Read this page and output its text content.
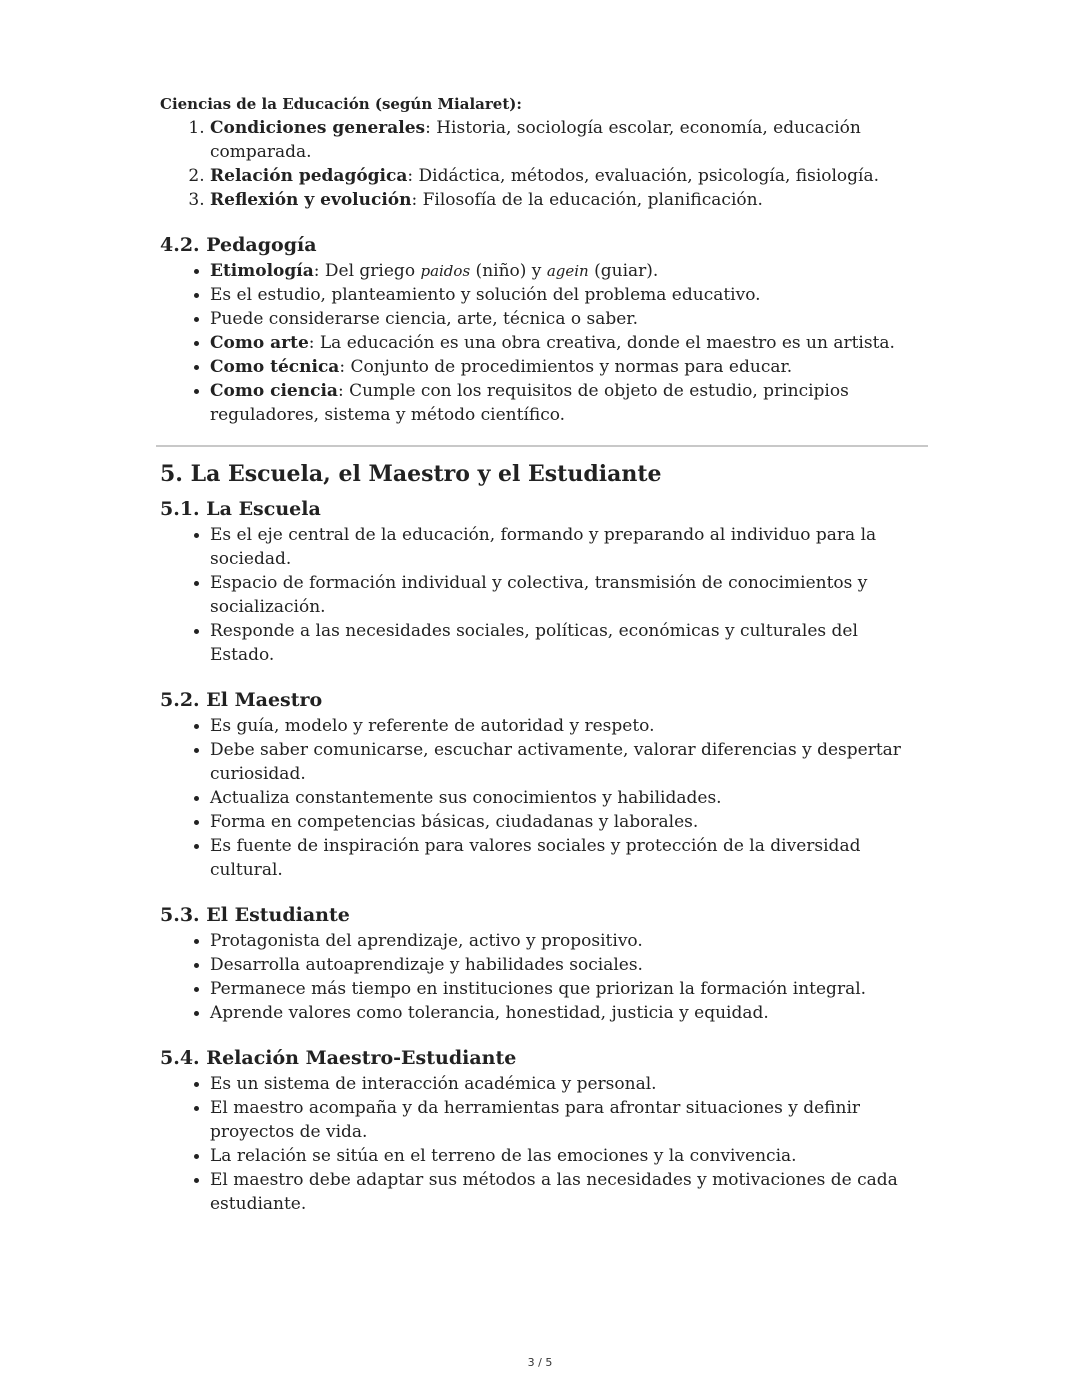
Ciencias de la Educación (según Mialaret):

1. Condiciones generales: Historia, sociología escolar, economía, educación comparada.
2. Relación pedagógica: Didáctica, métodos, evaluación, psicología, fisiología.
3. Reflexión y evolución: Filosofía de la educación, planificación.
4.2. Pedagogía
• Etimología: Del griego paidos (niño) y agein (guiar).
• Es el estudio, planteamiento y solución del problema educativo.
• Puede considerarse ciencia, arte, técnica o saber.
• Como arte: La educación es una obra creativa, donde el maestro es un artista.
• Como técnica: Conjunto de procedimientos y normas para educar.
• Como ciencia: Cumple con los requisitos de objeto de estudio, principios reguladores, sistema y método científico.
5. La Escuela, el Maestro y el Estudiante
5.1. La Escuela
• Es el eje central de la educación, formando y preparando al individuo para la sociedad.
• Espacio de formación individual y colectiva, transmisión de conocimientos y socialización.
• Responde a las necesidades sociales, políticas, económicas y culturales del Estado.
5.2. El Maestro
• Es guía, modelo y referente de autoridad y respeto.
• Debe saber comunicarse, escuchar activamente, valorar diferencias y despertar curiosidad.
• Actualiza constantemente sus conocimientos y habilidades.
• Forma en competencias básicas, ciudadanas y laborales.
• Es fuente de inspiración para valores sociales y protección de la diversidad cultural.
5.3. El Estudiante
• Protagonista del aprendizaje, activo y propositivo.
• Desarrolla autoaprendizaje y habilidades sociales.
• Permanece más tiempo en instituciones que priorizan la formación integral.
• Aprende valores como tolerancia, honestidad, justicia y equidad.
5.4. Relación Maestro-Estudiante
• Es un sistema de interacción académica y personal.
• El maestro acompaña y da herramientas para afrontar situaciones y definir proyectos de vida.
• La relación se sitúa en el terreno de las emociones y la convivencia.
• El maestro debe adaptar sus métodos a las necesidades y motivaciones de cada estudiante.
3 / 5
